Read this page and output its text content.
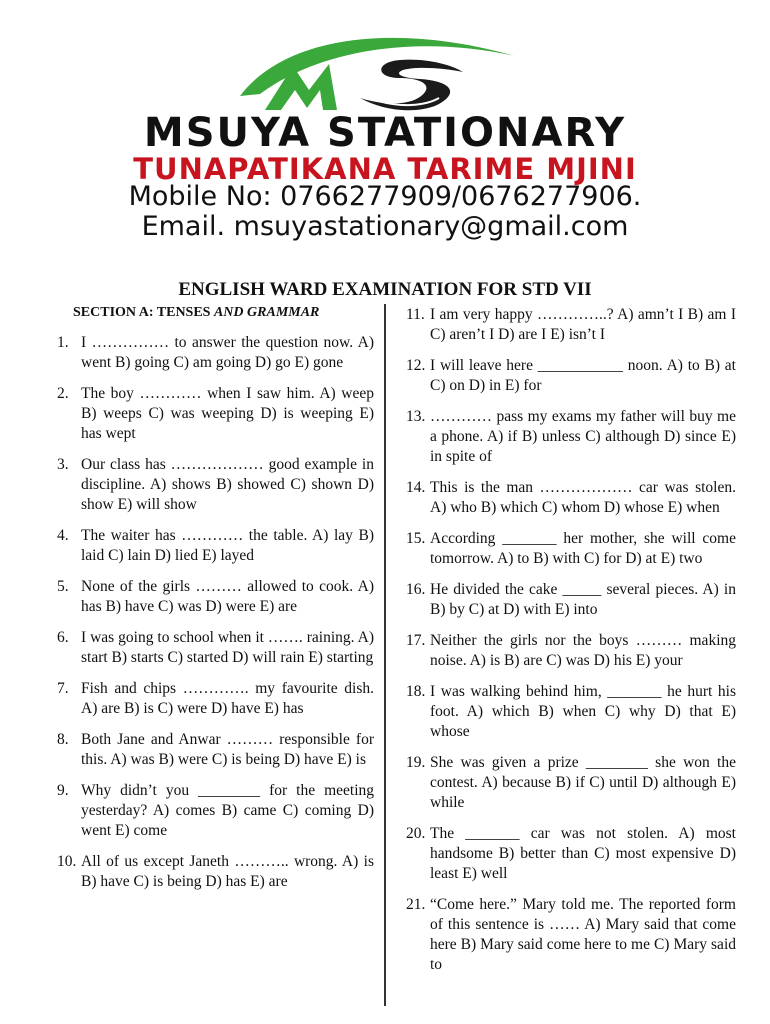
MSUYA STATIONARY
TUNAPATIKANA TARIME MJINI
Mobile No: 0766277909/0676277906.
Email. msuyastationary@gmail.com
ENGLISH WARD EXAMINATION FOR STD VII
SECTION A: TENSES AND GRAMMAR
1. I …………… to answer the question now. A) went B) going C) am going D) go E) gone
2. The boy ………… when I saw him. A) weep B) weeps C) was weeping D) is weeping E) has wept
3. Our class has ……………… good example in discipline. A) shows B) showed C) shown D) show E) will show
4. The waiter has ………… the table. A) lay B) laid C) lain D) lied E) layed
5. None of the girls ……… allowed to cook. A) has B) have C) was D) were E) are
6. I was going to school when it ……. raining. A) start B) starts C) started D) will rain E) starting
7. Fish and chips …………. my favourite dish. A) are B) is C) were D) have E) has
8. Both Jane and Anwar ……… responsible for this. A) was B) were C) is being D) have E) is
9. Why didn’t you ________ for the meeting yesterday? A) comes B) came C) coming D) went E) come
10. All of us except Janeth ……….. wrong. A) is B) have C) is being D) has E) are
11. I am very happy …………..? A) amn’t I B) am I C) aren’t I D) are I E) isn’t I
12. I will leave here ___________ noon. A) to B) at C) on D) in E) for
13. ………… pass my exams my father will buy me a phone. A) if B) unless C) although D) since E) in spite of
14. This is the man ……………… car was stolen. A) who B) which C) whom D) whose E) when
15. According _______ her mother, she will come tomorrow. A) to B) with C) for D) at E) two
16. He divided the cake _____ several pieces. A) in B) by C) at D) with E) into
17. Neither the girls nor the boys ……… making noise. A) is B) are C) was D) his E) your
18. I was walking behind him, _______ he hurt his foot. A) which B) when C) why D) that E) whose
19. She was given a prize ________ she won the contest. A) because B) if C) until D) although E) while
20. The _______ car was not stolen. A) most handsome B) better than C) most expensive D) least E) well
21. “Come here.” Mary told me. The reported form of this sentence is …… A) Mary said that come here B) Mary said come here to me C) Mary said to
